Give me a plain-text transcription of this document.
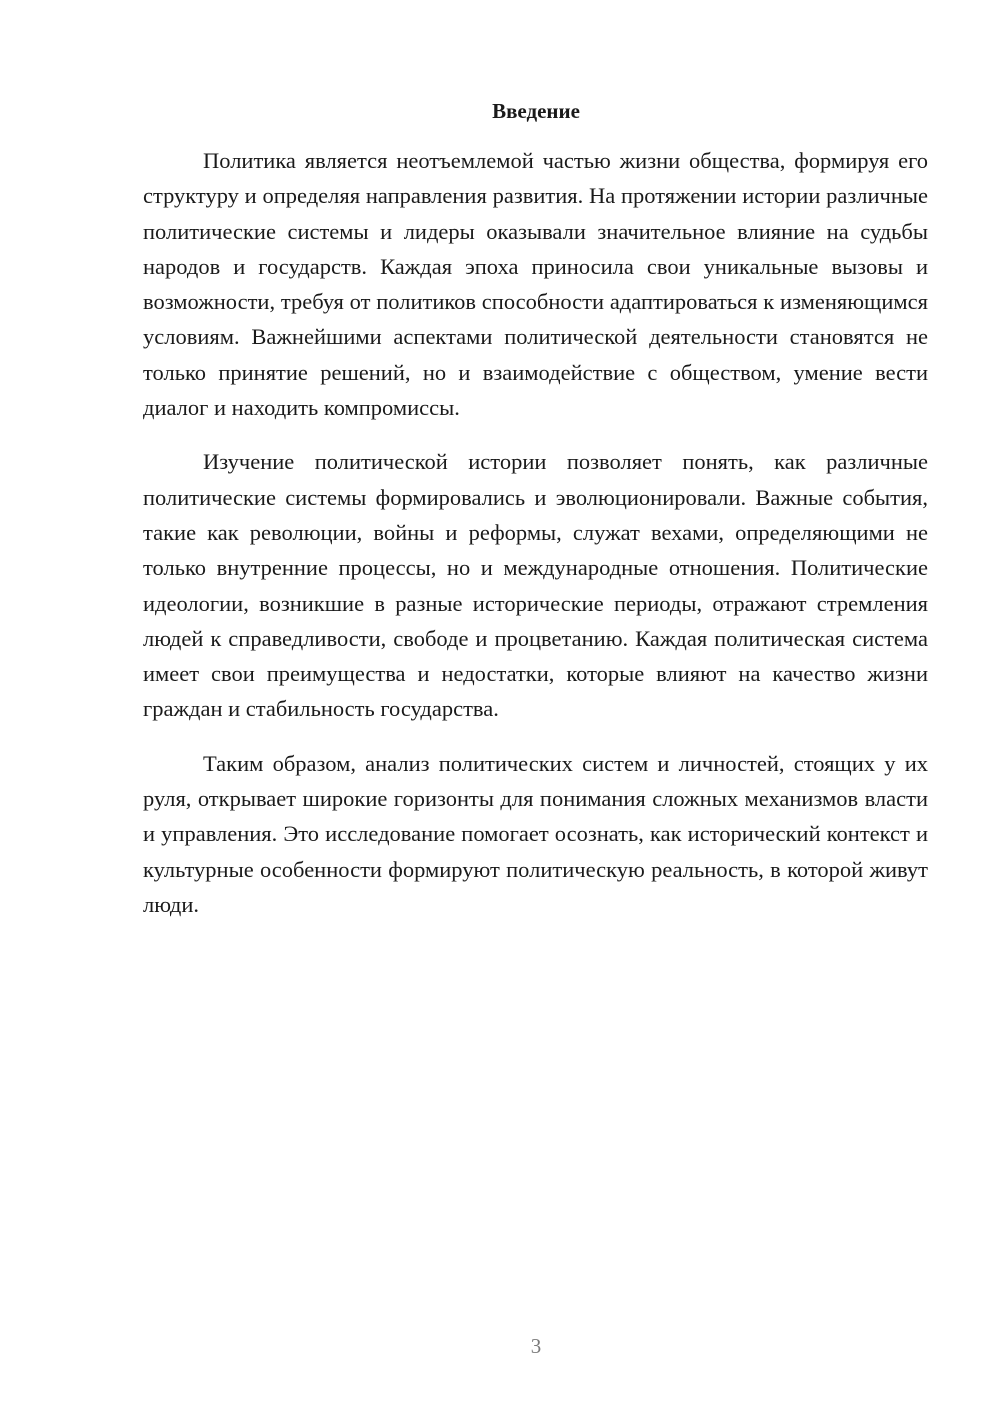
Введение

Политика является неотъемлемой частью жизни общества, формируя его структуру и определяя направления развития. На протяжении истории различные политические системы и лидеры оказывали значительное влияние на судьбы народов и государств. Каждая эпоха приносила свои уникальные вызовы и возможности, требуя от политиков способности адаптироваться к изменяющимся условиям. Важнейшими аспектами политической деятельности становятся не только принятие решений, но и взаимодействие с обществом, умение вести диалог и находить компромиссы.

Изучение политической истории позволяет понять, как различные политические системы формировались и эволюционировали. Важные события, такие как революции, войны и реформы, служат вехами, определяющими не только внутренние процессы, но и международные отношения. Политические идеологии, возникшие в разные исторические периоды, отражают стремления людей к справедливости, свободе и процветанию. Каждая политическая система имеет свои преимущества и недостатки, которые влияют на качество жизни граждан и стабильность государства.

Таким образом, анализ политических систем и личностей, стоящих у их руля, открывает широкие горизонты для понимания сложных механизмов власти и управления. Это исследование помогает осознать, как исторический контекст и культурные особенности формируют политическую реальность, в которой живут люди.

3
